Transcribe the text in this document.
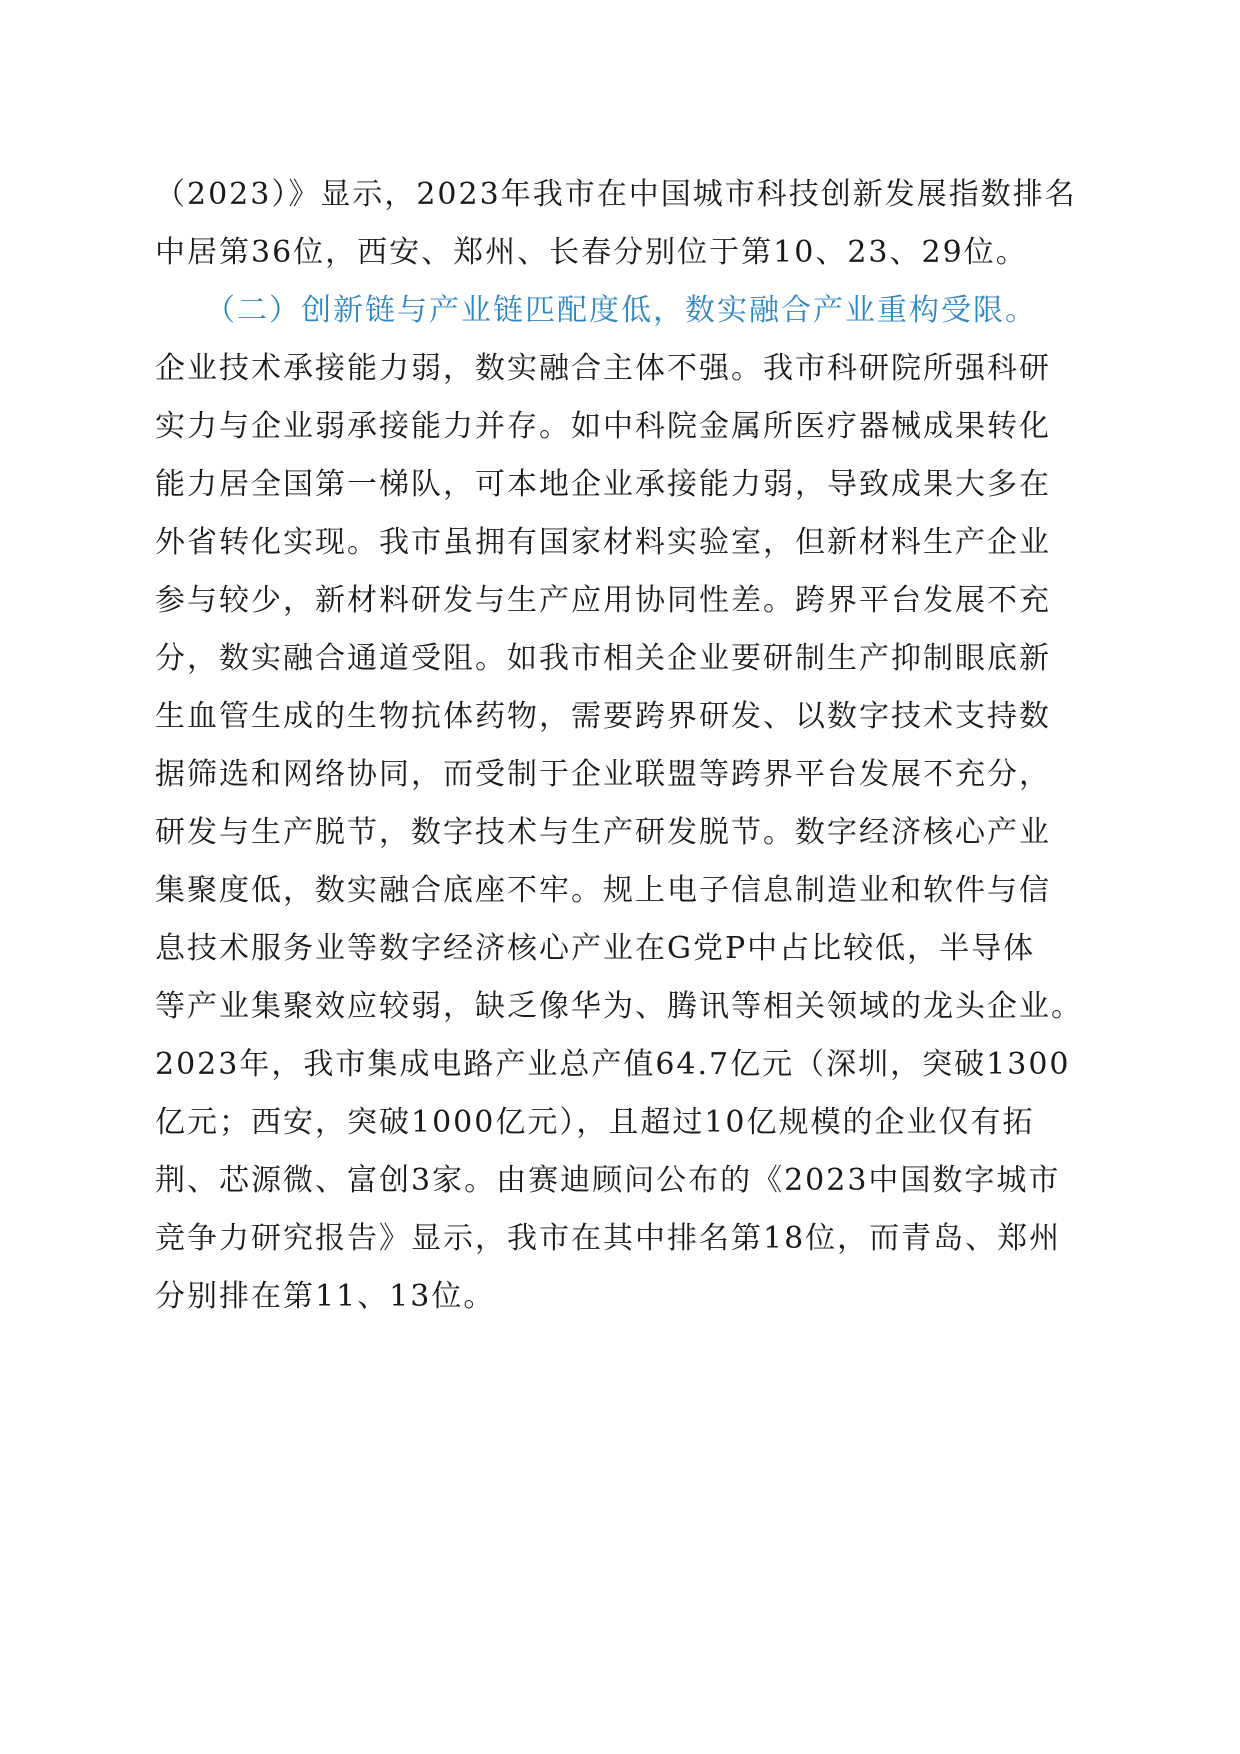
（2023）》显示，2023年我市在中国城市科技创新发展指数排名
中居第36位，西安、郑州、长春分别位于第10、23、29位。
（二）创新链与产业链匹配度低，数实融合产业重构受限。
企业技术承接能力弱，数实融合主体不强。我市科研院所强科研
实力与企业弱承接能力并存。如中科院金属所医疗器械成果转化
能力居全国第一梯队，可本地企业承接能力弱，导致成果大多在
外省转化实现。我市虽拥有国家材料实验室，但新材料生产企业
参与较少，新材料研发与生产应用协同性差。跨界平台发展不充
分，数实融合通道受阻。如我市相关企业要研制生产抑制眼底新
生血管生成的生物抗体药物，需要跨界研发、以数字技术支持数
据筛选和网络协同，而受制于企业联盟等跨界平台发展不充分，
研发与生产脱节，数字技术与生产研发脱节。数字经济核心产业
集聚度低，数实融合底座不牢。规上电子信息制造业和软件与信
息技术服务业等数字经济核心产业在G党P中占比较低，半导体
等产业集聚效应较弱，缺乏像华为、腾讯等相关领域的龙头企业。
2023年，我市集成电路产业总产值64.7亿元（深圳，突破1300
亿元；西安，突破1000亿元），且超过10亿规模的企业仅有拓
荆、芯源微、富创3家。由赛迪顾问公布的《2023中国数字城市
竞争力研究报告》显示，我市在其中排名第18位，而青岛、郑州
分别排在第11、13位。
